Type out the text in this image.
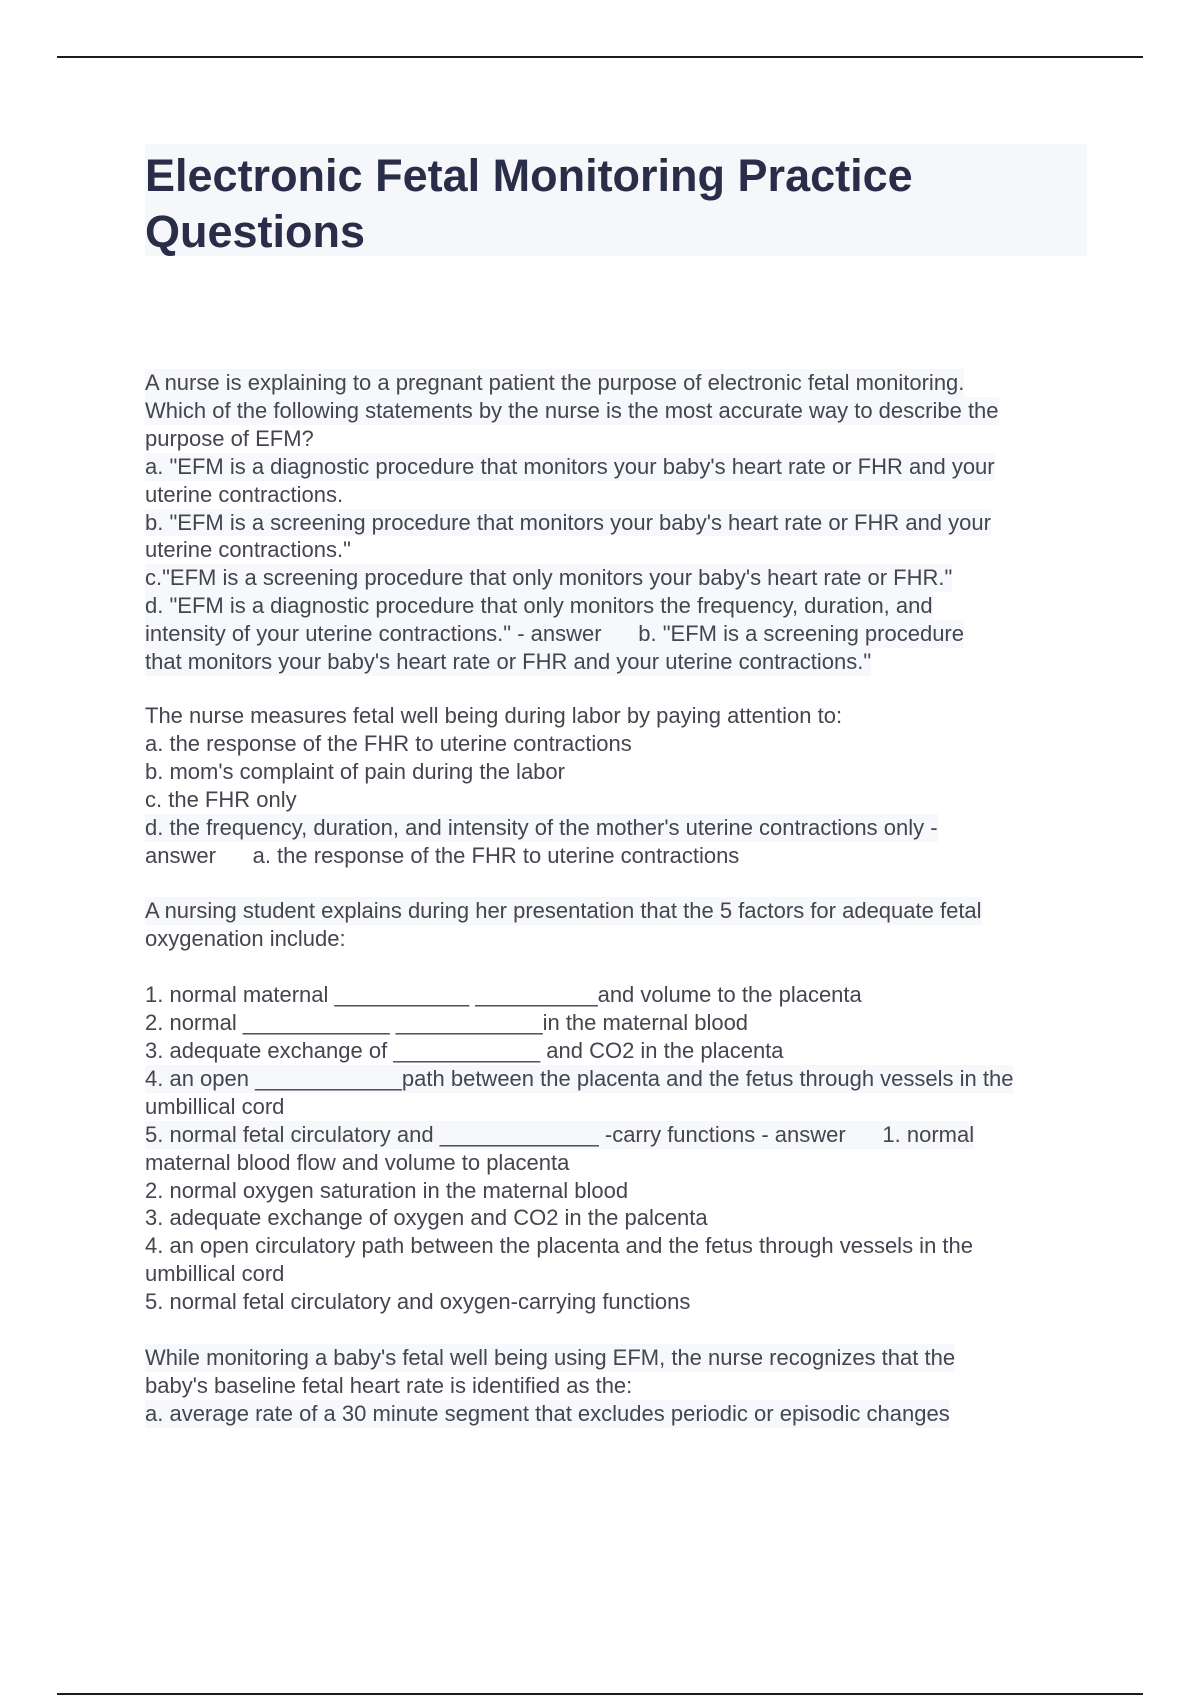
Electronic Fetal Monitoring Practice
Questions
A nurse is explaining to a pregnant patient the purpose of electronic fetal monitoring. Which of the following statements by the nurse is the most accurate way to describe the
purpose of EFM?
a. "EFM is a diagnostic procedure that monitors your baby's heart rate or FHR and your
uterine contractions.
b. "EFM is a screening procedure that monitors your baby's heart rate or FHR and your
uterine contractions."
c."EFM is a screening procedure that only monitors your baby's heart rate or FHR." d. "EFM is a diagnostic procedure that only monitors the frequency, duration, and intensity of your uterine contractions." - answer      b. "EFM is a screening procedure that monitors your baby's heart rate or FHR and your uterine contractions."
The nurse measures fetal well being during labor by paying attention to:
a. the response of the FHR to uterine contractions
b. mom's complaint of pain during the labor
c. the FHR only
d. the frequency, duration, and intensity of the mother's uterine contractions only -
answer      a. the response of the FHR to uterine contractions
A nursing student explains during her presentation that the 5 factors for adequate fetal
oxygenation include:
1. normal maternal ___________ __________and volume to the placenta
2. normal ____________ ____________in the maternal blood
3. adequate exchange of ____________ and CO2 in the placenta
4. an open ____________path between the placenta and the fetus through vessels in the
umbillical cord
5. normal fetal circulatory and _____________ -carry functions - answer      1. normal
maternal blood flow and volume to placenta
2. normal oxygen saturation in the maternal blood
3. adequate exchange of oxygen and CO2 in the palcenta
4. an open circulatory path between the placenta and the fetus through vessels in the
umbillical cord
5. normal fetal circulatory and oxygen-carrying functions
While monitoring a baby's fetal well being using EFM, the nurse recognizes that the
baby's baseline fetal heart rate is identified as the:
a. average rate of a 30 minute segment that excludes periodic or episodic changes
